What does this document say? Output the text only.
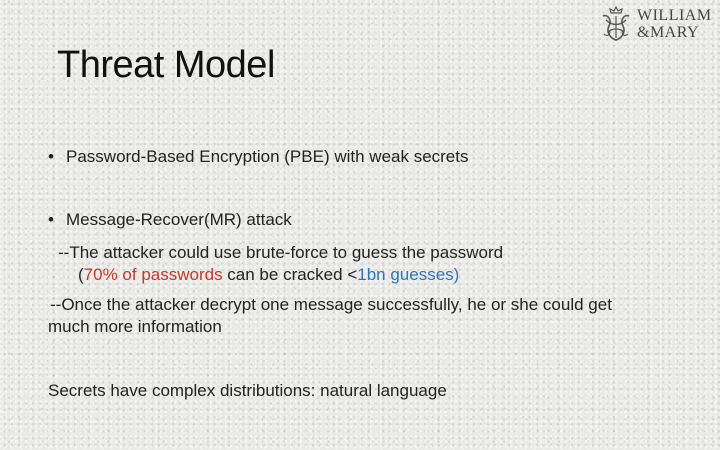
WILLIAM
&MARY
Threat Model
• Password-Based Encryption (PBE) with weak secrets
• Message-Recover(MR) attack
--The attacker could use brute-force to guess the password
(70% of passwords can be cracked <1bn guesses)
--Once the attacker decrypt one message successfully, he or she could get
much more information
Secrets have complex distributions: natural language
